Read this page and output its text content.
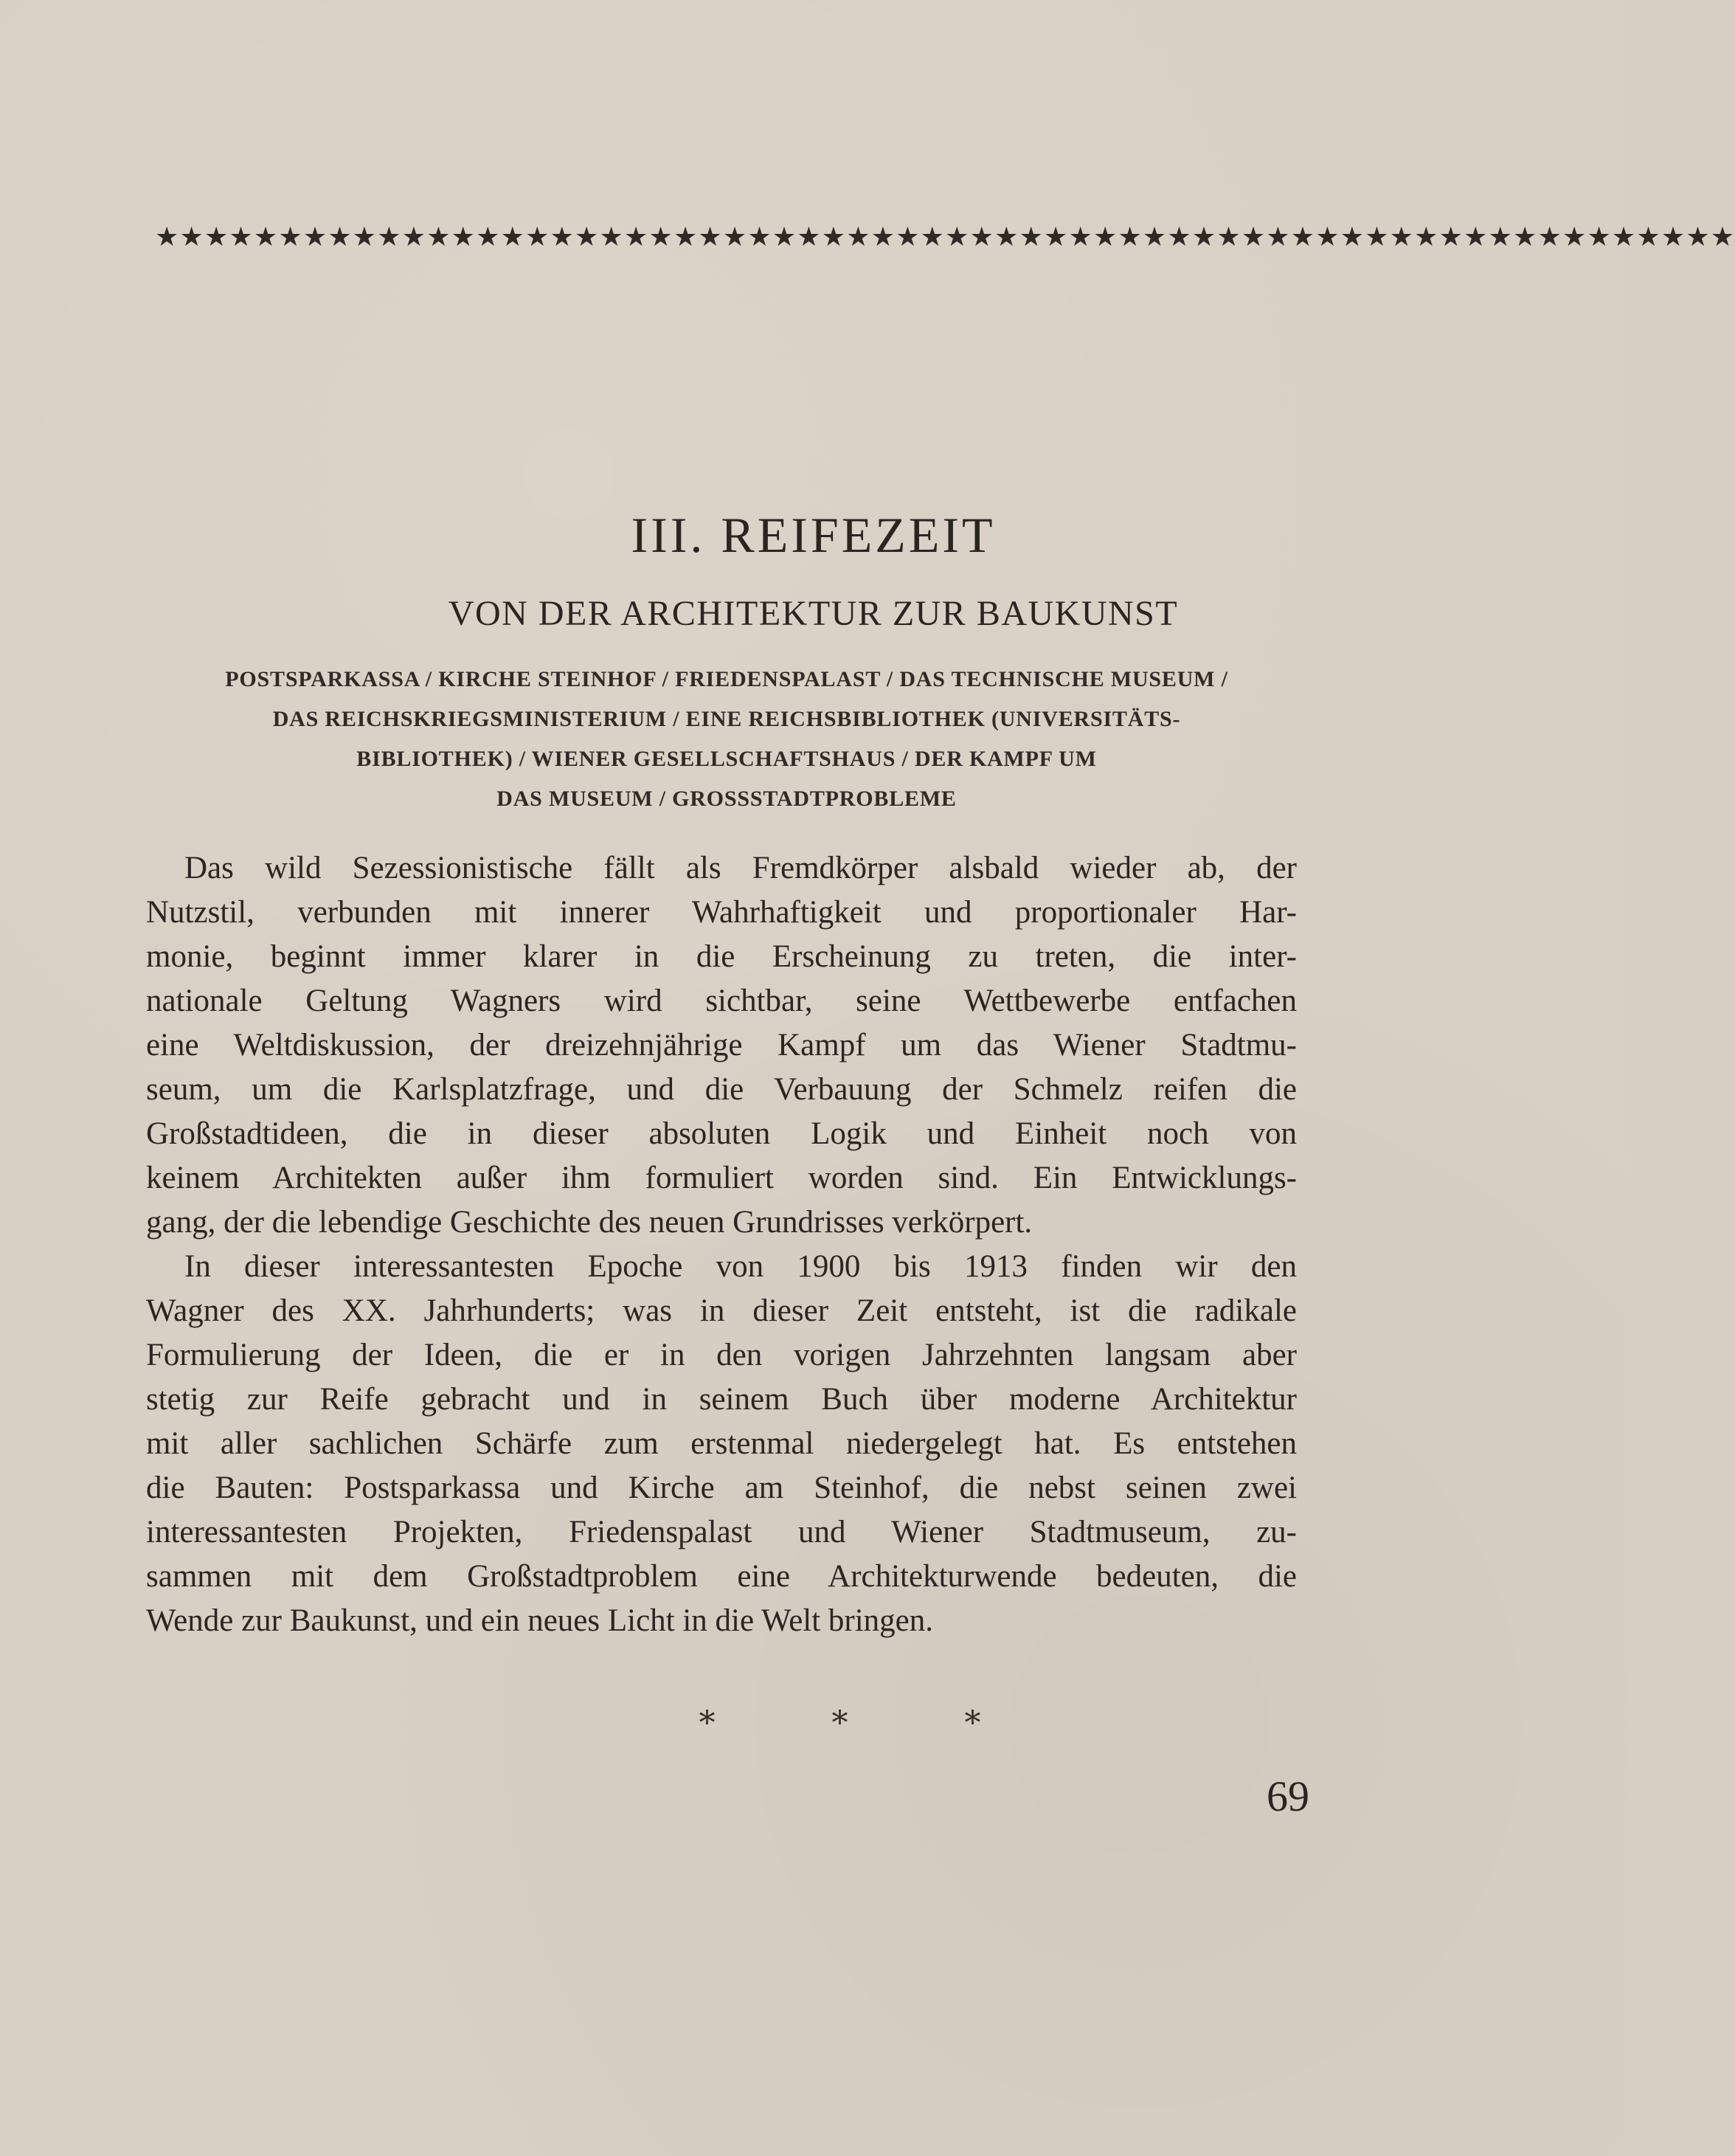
★★★★★★★★★★★★★★★★★★★★★★★★★★★★★★★★★★★★★★★★★★★★★★★★★★★★★★★★★★★★★★★★
III. REIFEZEIT
VON DER ARCHITEKTUR ZUR BAUKUNST
POSTSPARKASSA / KIRCHE STEINHOF / FRIEDENSPALAST / DAS TECHNISCHE MUSEUM /
DAS REICHSKRIEGSMINISTERIUM / EINE REICHSBIBLIOTHEK (UNIVERSITÄTS-
BIBLIOTHEK) / WIENER GESELLSCHAFTSHAUS / DER KAMPF UM
DAS MUSEUM / GROSSSTADTPROBLEME
Das wild Sezessionistische fällt als Fremdkörper alsbald wieder ab, der
Nutzstil, verbunden mit innerer Wahrhaftigkeit und proportionaler Har-
monie, beginnt immer klarer in die Erscheinung zu treten, die inter-
nationale Geltung Wagners wird sichtbar, seine Wettbewerbe entfachen
eine Weltdiskussion, der dreizehnjährige Kampf um das Wiener Stadtmu-
seum, um die Karlsplatzfrage, und die Verbauung der Schmelz reifen die
Großstadtideen, die in dieser absoluten Logik und Einheit noch von
keinem Architekten außer ihm formuliert worden sind. Ein Entwicklungs-
gang, der die lebendige Geschichte des neuen Grundrisses verkörpert.
In dieser interessantesten Epoche von 1900 bis 1913 finden wir den
Wagner des XX. Jahrhunderts; was in dieser Zeit entsteht, ist die radikale
Formulierung der Ideen, die er in den vorigen Jahrzehnten langsam aber
stetig zur Reife gebracht und in seinem Buch über moderne Architektur
mit aller sachlichen Schärfe zum erstenmal niedergelegt hat. Es entstehen
die Bauten: Postsparkassa und Kirche am Steinhof, die nebst seinen zwei
interessantesten Projekten, Friedenspalast und Wiener Stadtmuseum, zu-
sammen mit dem Großstadtproblem eine Architekturwende bedeuten, die
Wende zur Baukunst, und ein neues Licht in die Welt bringen.
* * *
69
